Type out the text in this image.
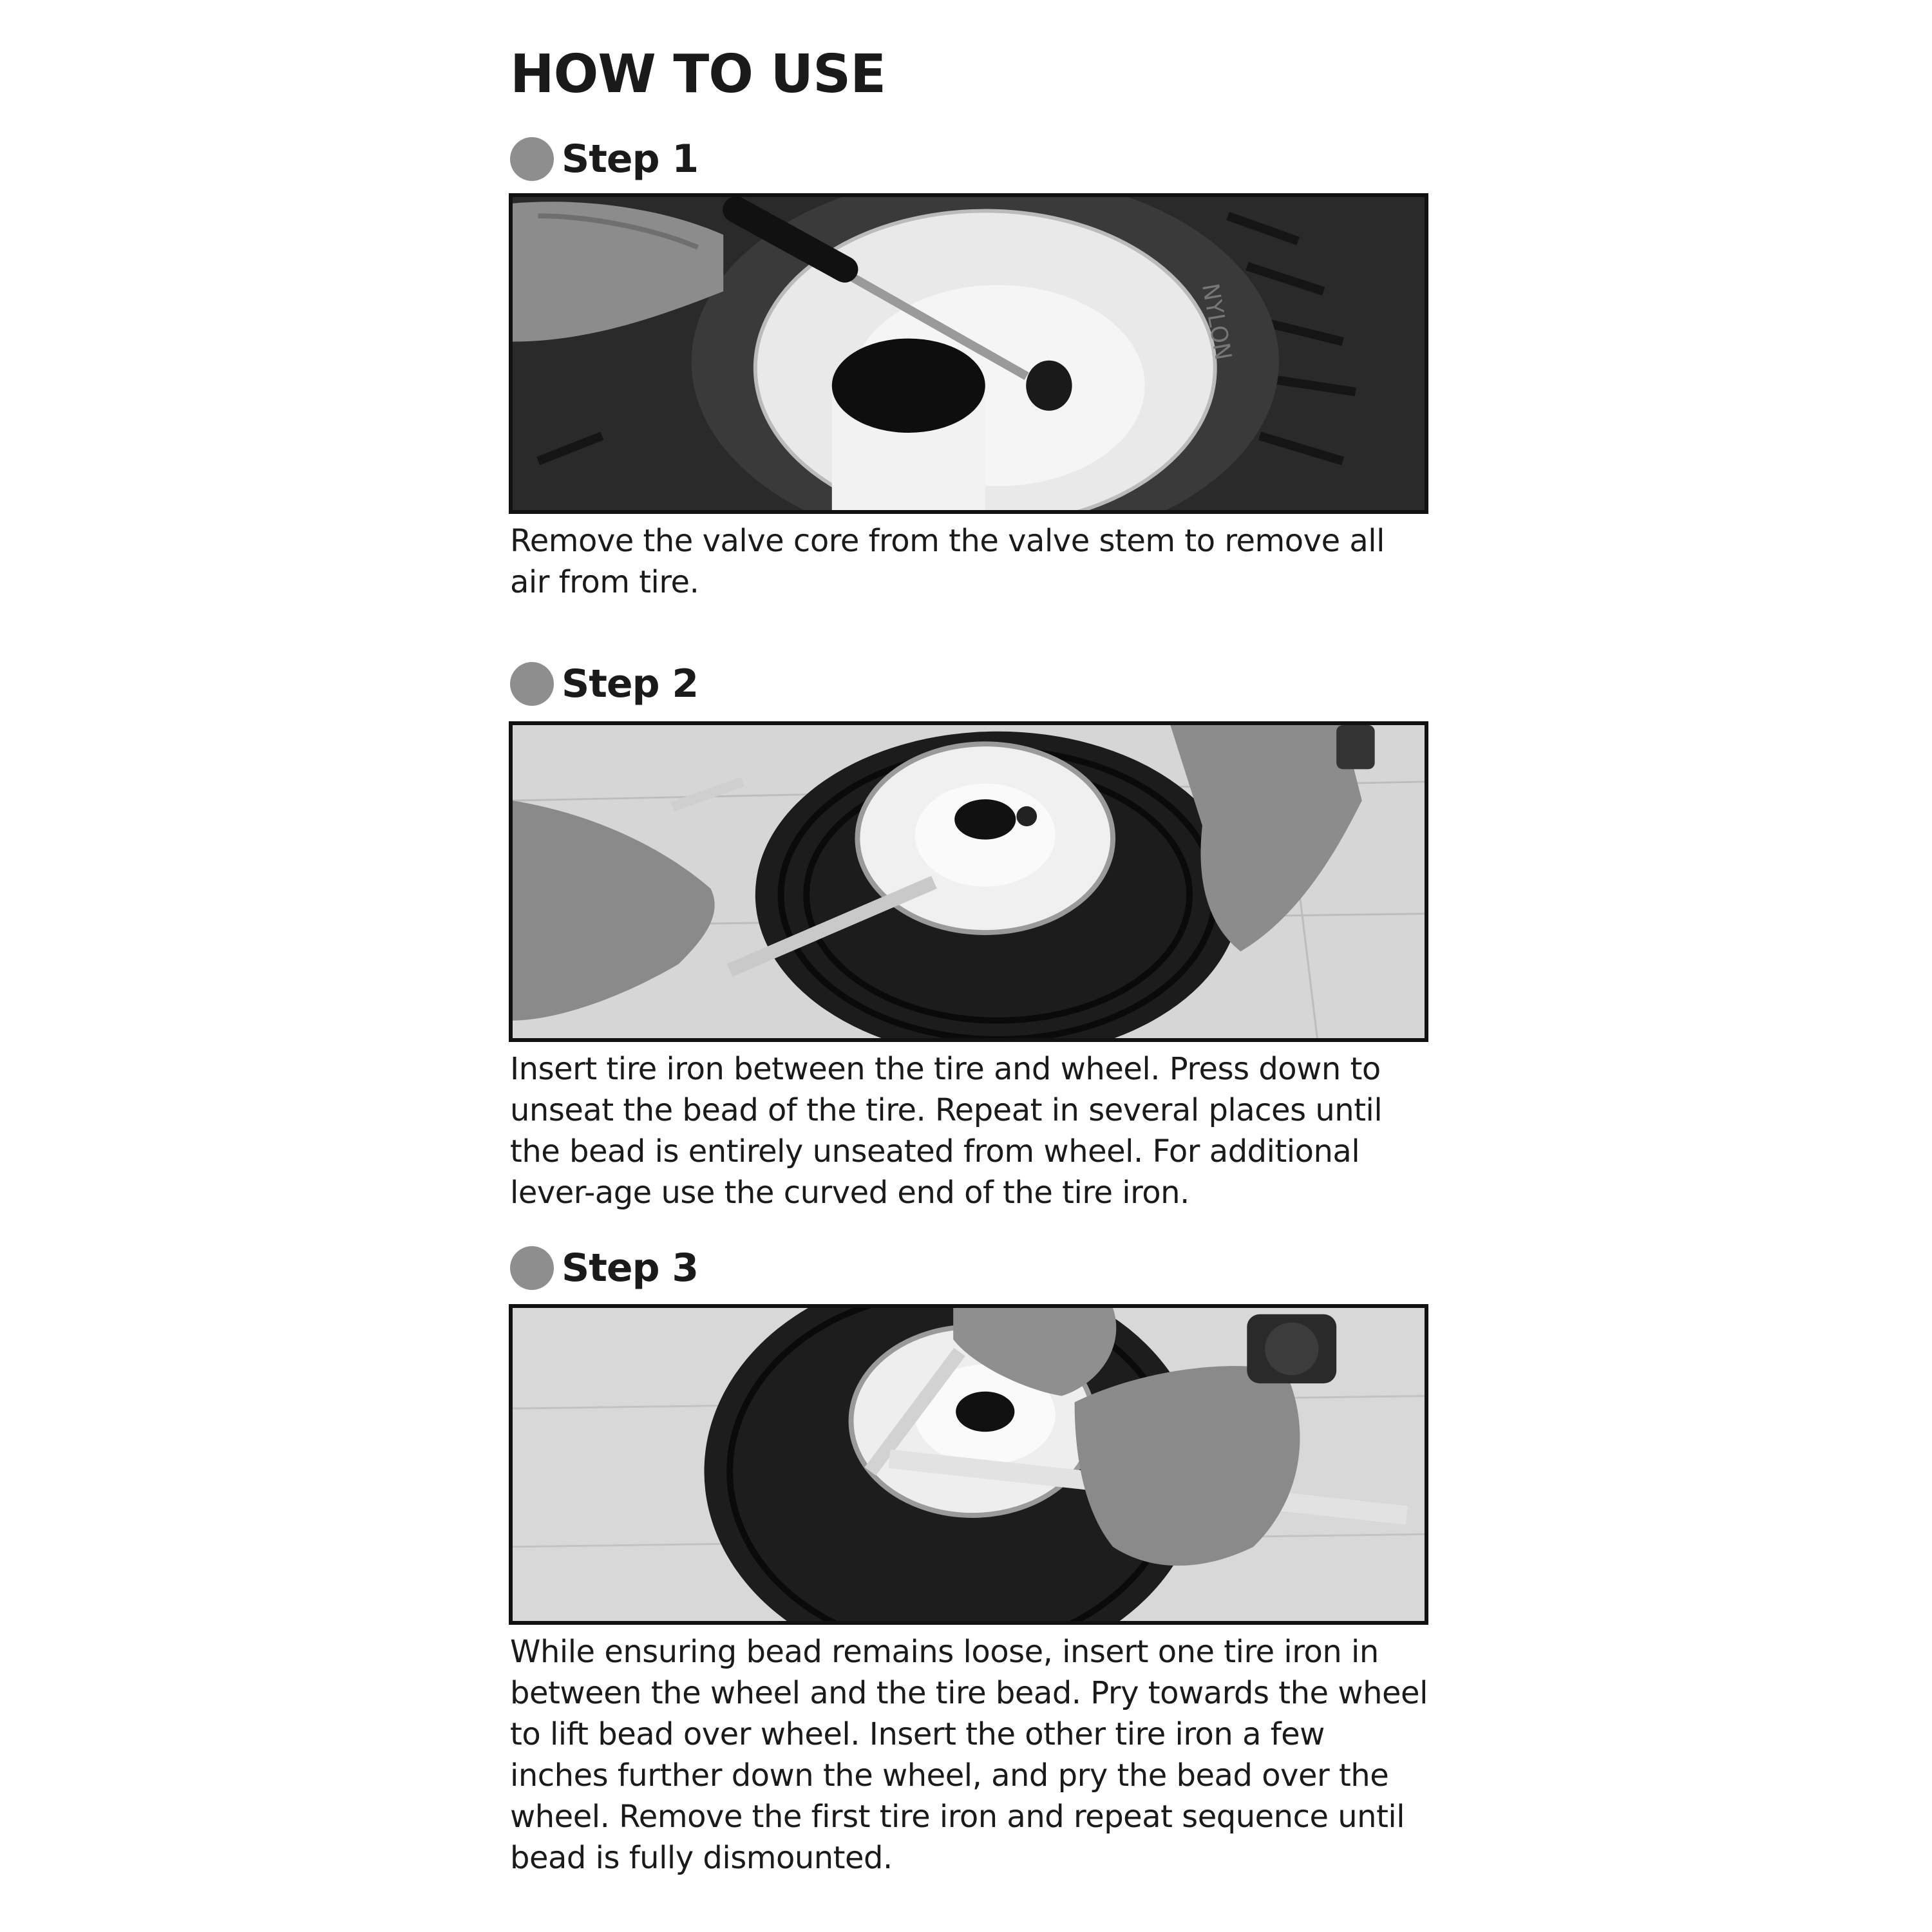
HOW TO USE
Step 1
NYLON

Remove the valve core from the valve stem to remove all air from tire.

Step 2

Insert tire iron between the tire and wheel. Press down to unseat the bead of the tire. Repeat in several places until the bead is entirely unseated from wheel. For additional lever-age use the curved end of the tire iron.

Step 3

While ensuring bead remains loose, insert one tire iron in between the wheel and the tire bead. Pry towards the wheel to lift bead over wheel. Insert the other tire iron a few inches further down the wheel, and pry the bead over the wheel. Remove the first tire iron and repeat sequence until bead is fully dismounted.
